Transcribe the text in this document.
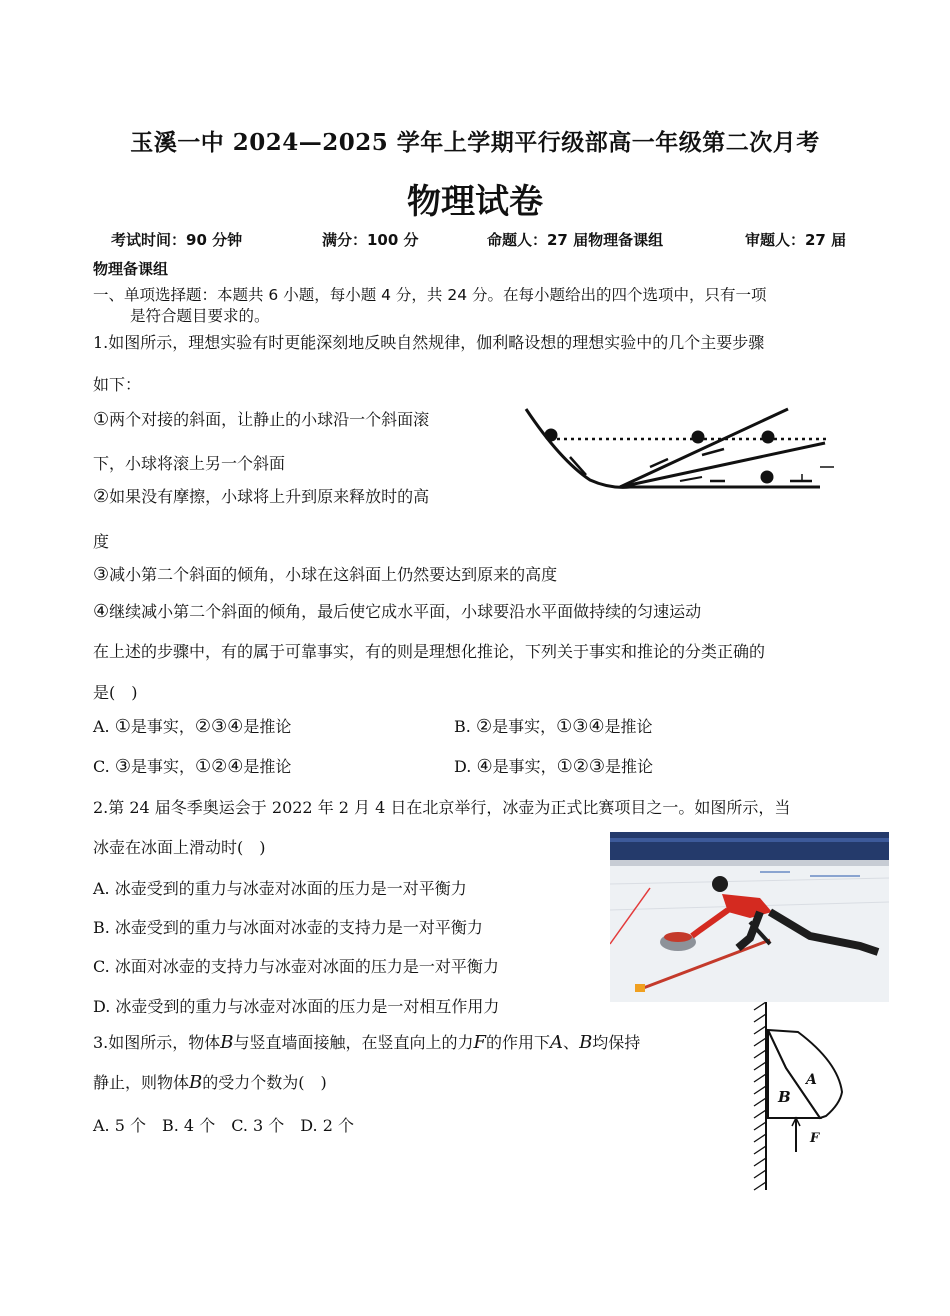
玉溪一中 2024—2025 学年上学期平行级部高一年级第二次月考
物理试卷
考试时间：90 分钟	满分：100 分	命题人：27 届物理备课组	审题人：27 届
物理备课组
一、单项选择题：本题共 6 小题，每小题 4 分，共 24 分。在每小题给出的四个选项中，只有一项
是符合题目要求的。
1.如图所示，理想实验有时更能深刻地反映自然规律，伽利略设想的理想实验中的几个主要步骤
如下：
①两个对接的斜面，让静止的小球沿一个斜面滚
下，小球将滚上另一个斜面
②如果没有摩擦，小球将上升到原来释放时的高
度
③减小第二个斜面的倾角，小球在这斜面上仍然要达到原来的高度
④继续减小第二个斜面的倾角，最后使它成水平面，小球要沿水平面做持续的匀速运动
在上述的步骤中，有的属于可靠事实，有的则是理想化推论，下列关于事实和推论的分类正确的
是(　)
A. ①是事实，②③④是推论	B. ②是事实，①③④是推论
C. ③是事实，①②④是推论	D. ④是事实，①②③是推论
2.第 24 届冬季奥运会于 2022 年 2 月 4 日在北京举行，冰壶为正式比赛项目之一。如图所示，当
冰壶在冰面上滑动时(　)
A. 冰壶受到的重力与冰壶对冰面的压力是一对平衡力
B. 冰壶受到的重力与冰面对冰壶的支持力是一对平衡力
C. 冰面对冰壶的支持力与冰壶对冰面的压力是一对平衡力
D. 冰壶受到的重力与冰壶对冰面的压力是一对相互作用力
3.如图所示，物体B与竖直墙面接触，在竖直向上的力F的作用下A、B均保持
静止，则物体B的受力个数为(　)
A. 5 个　B. 4 个　C. 3 个　D. 2 个
B
A
F
